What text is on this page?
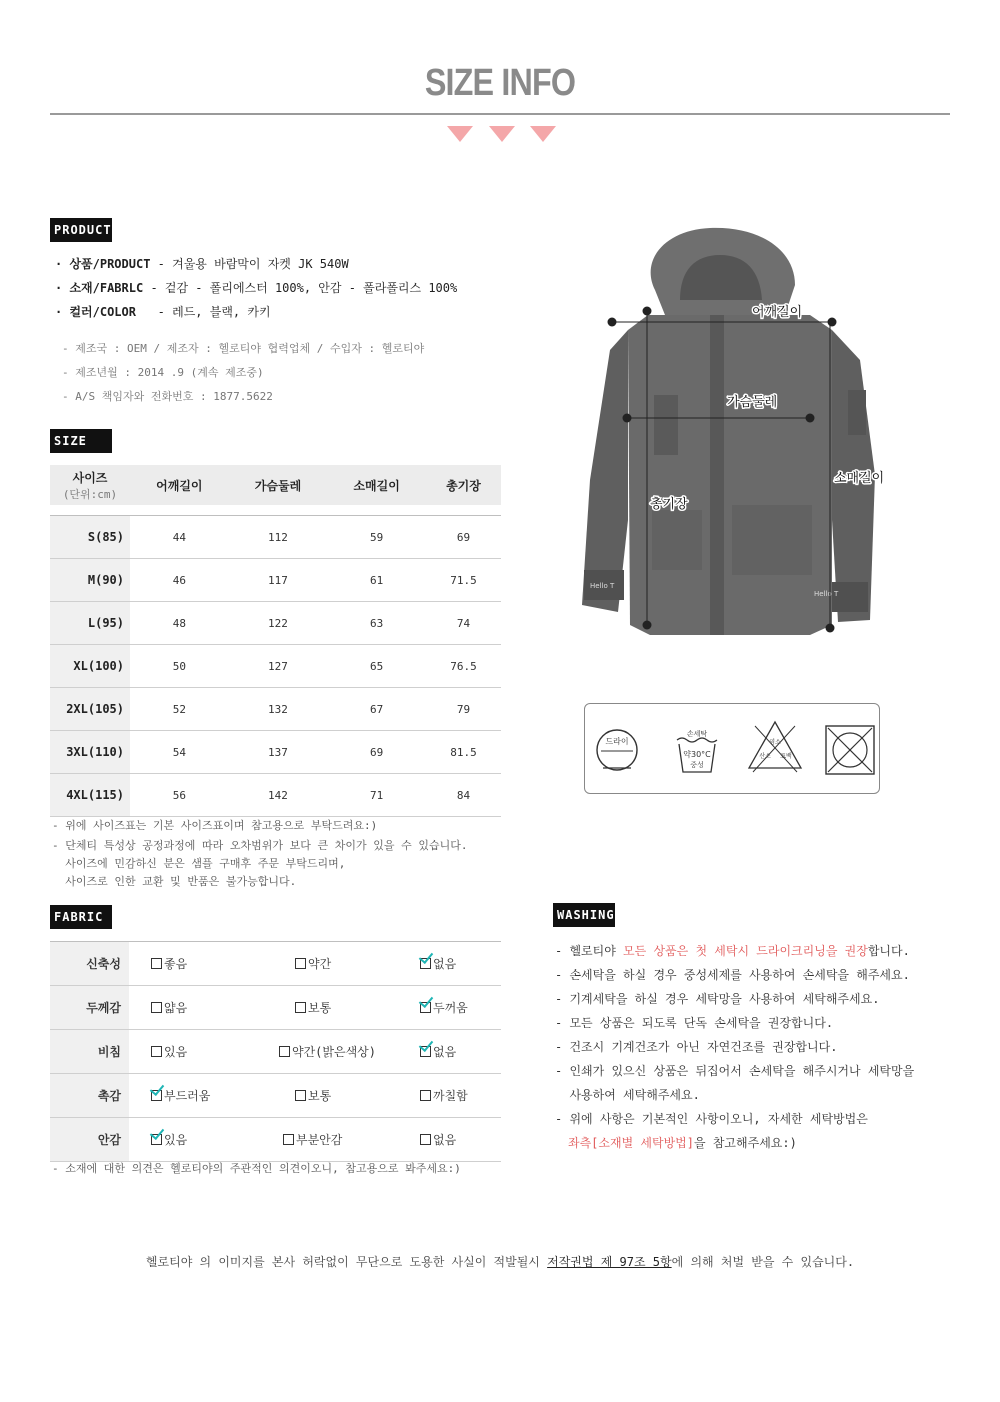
SIZE INFO
PRODUCT
· 상품/PRODUCT - 겨울용 바람막이 자켓 JK 540W
· 소재/FABRLC - 겉감 - 폴리에스터 100%, 안감 - 폴라폴리스 100%
· 컬러/COLOR   - 레드, 블랙, 카키
- 제조국 : OEM / 제조자 : 헬로티야 협력업체 / 수입자 : 헬로티야
- 제조년월 : 2014 .9 (계속 제조중)
- A/S 책임자와 전화번호 : 1877.5622
SIZE
사이즈
(단위:cm)	어깨길이	가슴둘레	소매길이	총기장

S(85)	44	112	59	69
M(90)	46	117	61	71.5
L(95)	48	122	63	74
XL(100)	50	127	65	76.5
2XL(105)	52	132	67	79
3XL(110)	54	137	69	81.5
4XL(115)	56	142	71	84
- 위에 사이즈표는 기본 사이즈표이며 참고용으로 부탁드려요:)
- 단체티 특성상 공정과정에 따라 오차범위가 보다 큰 차이가 있을 수 있습니다.
사이즈에 민감하신 분은 샘플 구매후 주문 부탁드리며,
사이즈로 인한 교환 및 반품은 불가능합니다.
Hello T
Hello T
어깨길이
가슴둘레
소매길이
총기장
드라이
손세탁
약30°C
중성
염소
산소 표백
FABRIC
신축성	좋음	약간	없음
두께감	얇음	보통	두꺼움
비침	있음	약간(밝은색상)	없음
촉감	부드러움	보통	까칠함
안감	있음	부분안감	없음
- 소재에 대한 의견은 헬로티야의 주관적인 의견이오니, 참고용으로 봐주세요:)
WASHING
- 헬로티야 모든 상품은 첫 세탁시 드라이크리닝을 권장합니다.
- 손세탁을 하실 경우 중성세제를 사용하여 손세탁을 해주세요.
- 기계세탁을 하실 경우 세탁망을 사용하여 세탁해주세요.
- 모든 상품은 되도록 단독 손세탁을 권장합니다.
- 건조시 기계건조가 아닌 자연건조를 권장합니다.
- 인쇄가 있으신 상품은 뒤집어서 손세탁을 해주시거나 세탁망을
사용하여 세탁해주세요.
- 위에 사항은 기본적인 사항이오니, 자세한 세탁방법은
좌측[소재별 세탁방법]을 참고해주세요:)
헬로티야 의 이미지를 본사 허락없이 무단으로 도용한 사실이 적발될시 저작권법 제 97조 5항에 의해 처벌 받을 수 있습니다.
